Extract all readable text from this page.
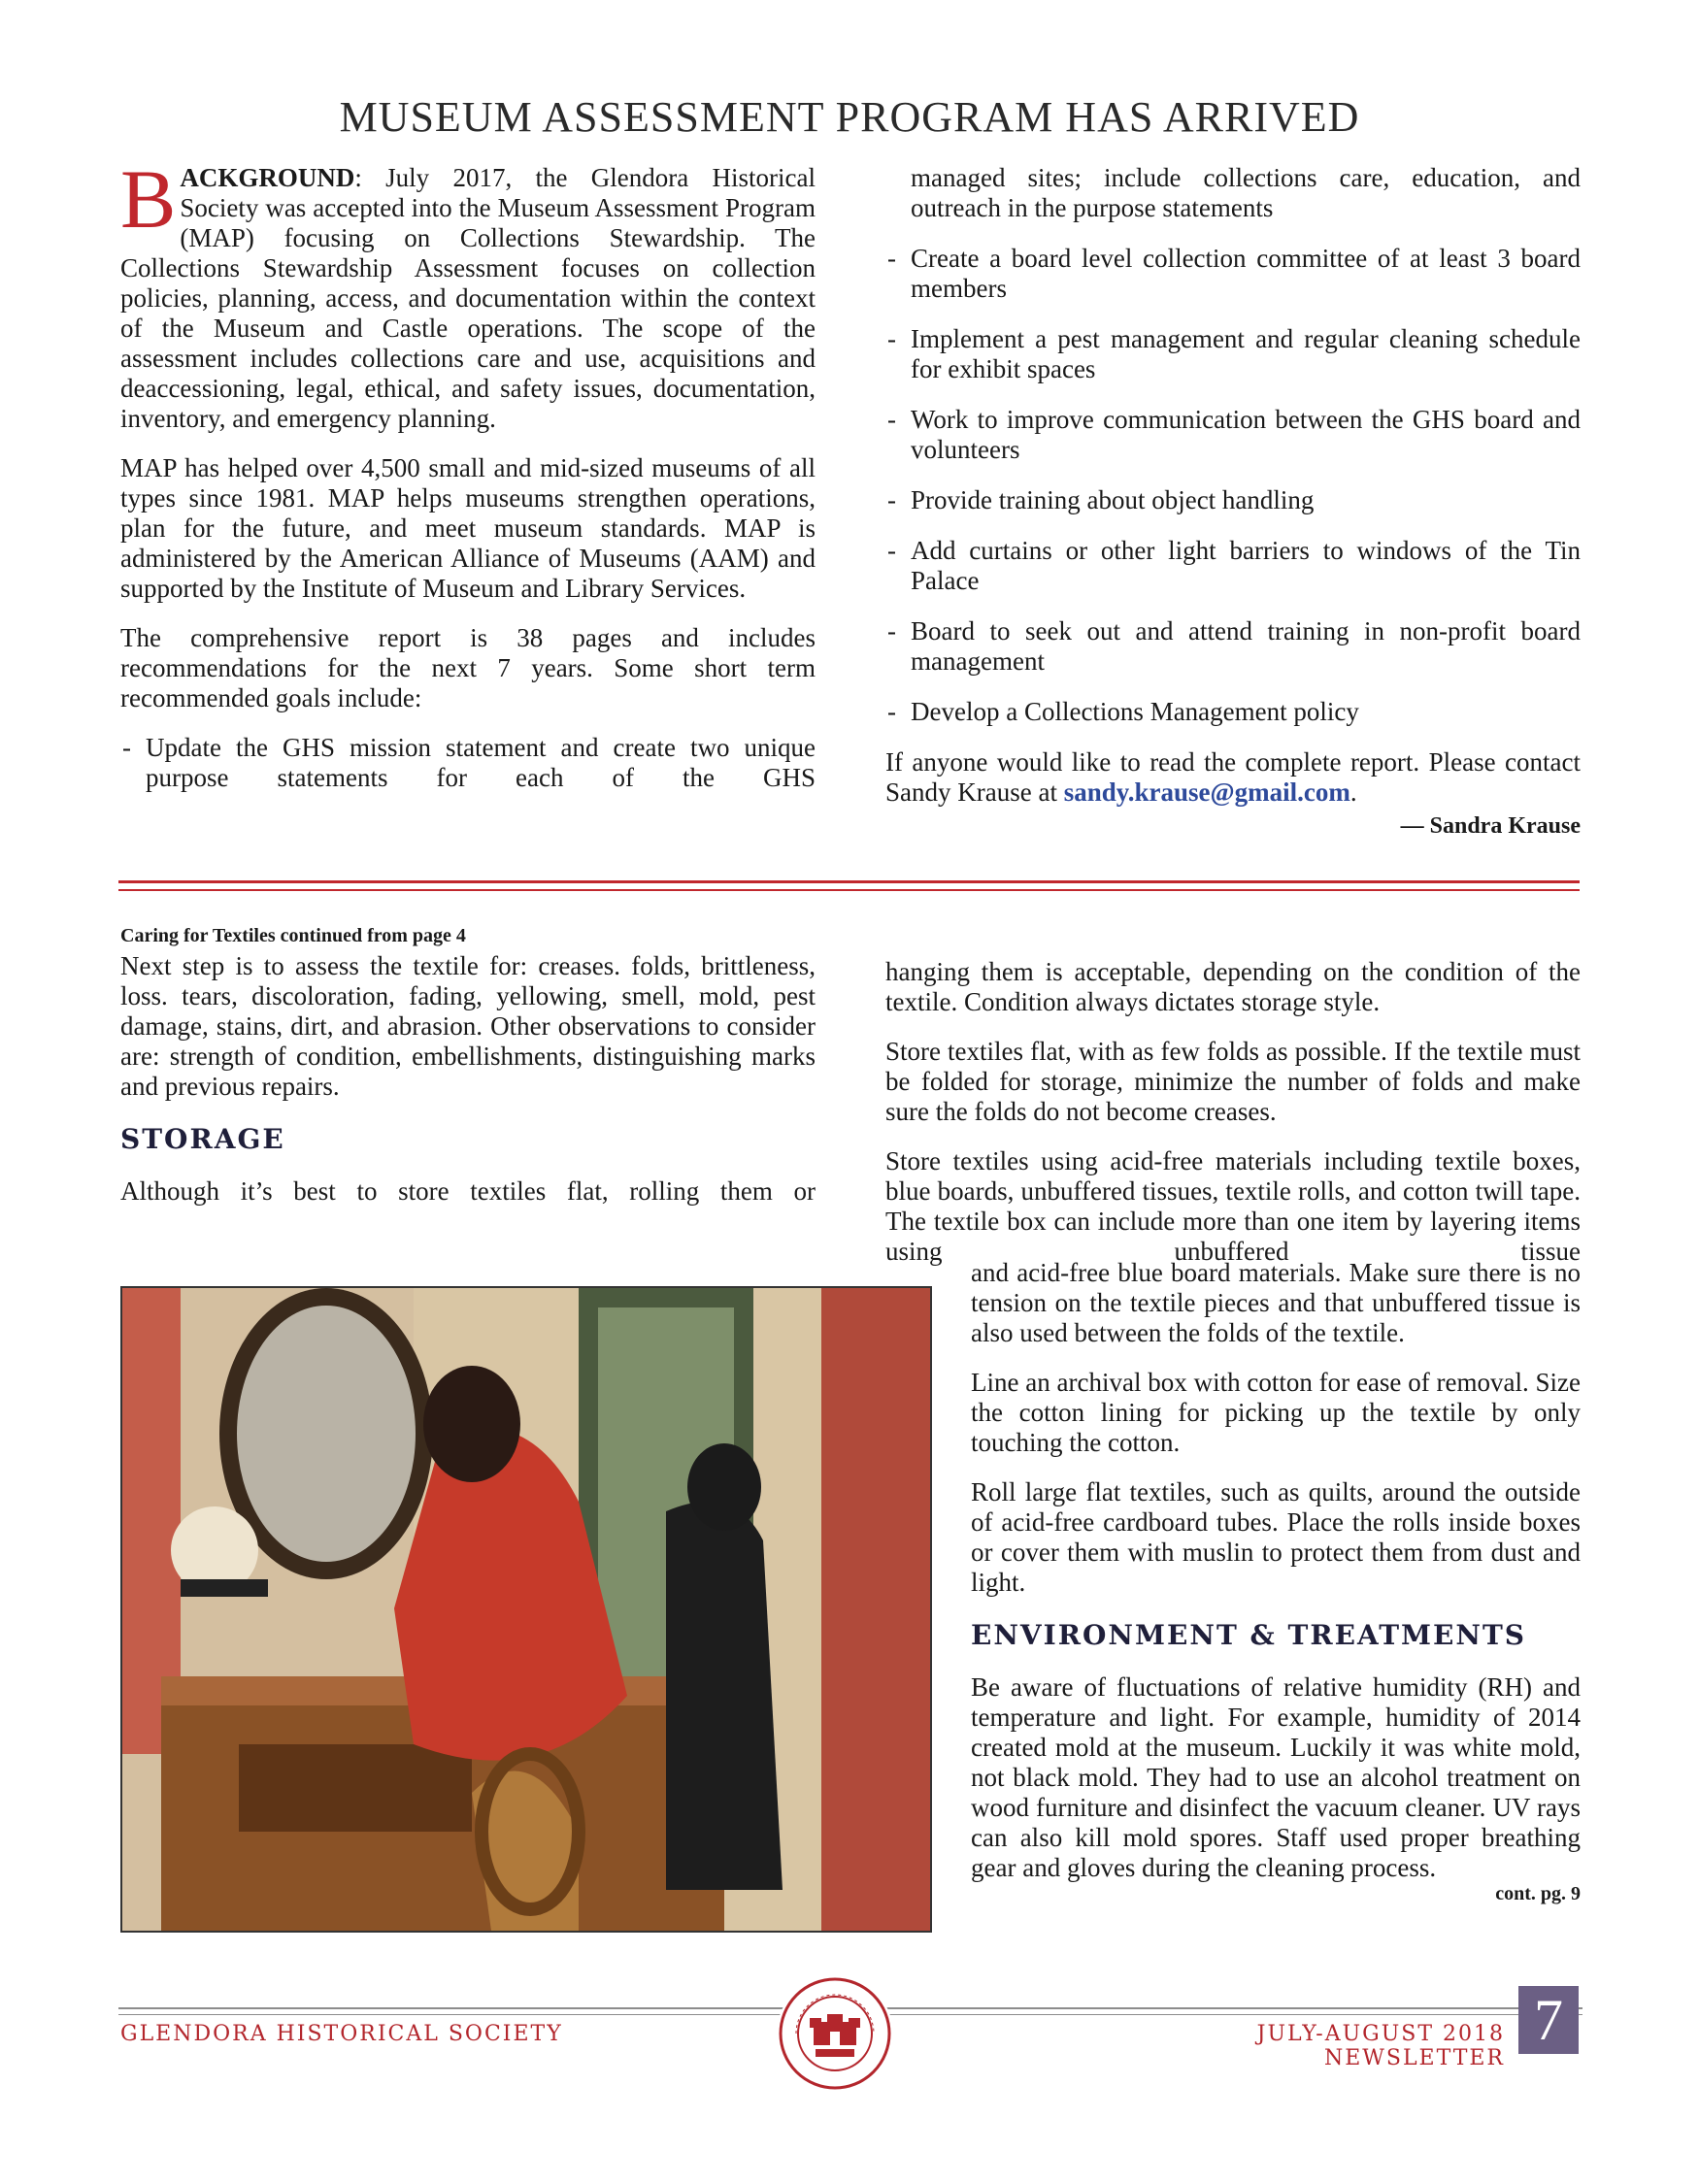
MUSEUM ASSESSMENT PROGRAM HAS ARRIVED

BACKGROUND: July 2017, the Glendora Historical Society was accepted into the Museum Assessment Program (MAP) focusing on Collections Stewardship. The Collections Stewardship Assessment focuses on collection policies, planning, access, and documentation within the context of the Museum and Castle operations. The scope of the assessment includes collections care and use, acquisitions and deaccessioning, legal, ethical, and safety issues, documentation, inventory, and emergency planning.

MAP has helped over 4,500 small and mid-sized museums of all types since 1981. MAP helps museums strengthen operations, plan for the future, and meet museum standards. MAP is administered by the American Alliance of Museums (AAM) and supported by the Institute of Museum and Library Services.

The comprehensive report is 38 pages and includes recommendations for the next 7 years. Some short term recommended goals include:

- Update the GHS mission statement and create two unique purpose statements for each of the GHS

managed sites; include collections care, education, and outreach in the purpose statements

- Create a board level collection committee of at least 3 board members
- Implement a pest management and regular cleaning schedule for exhibit spaces
- Work to improve communication between the GHS board and volunteers
- Provide training about object handling
- Add curtains or other light barriers to windows of the Tin Palace
- Board to seek out and attend training in non-profit board management
- Develop a Collections Management policy

If anyone would like to read the complete report. Please contact Sandy Krause at sandy.krause@gmail.com.

— Sandra Krause

Caring for Textiles continued from page 4

Next step is to assess the textile for: creases. folds, brittleness, loss. tears, discoloration, fading, yellowing, smell, mold, pest damage, stains, dirt, and abrasion. Other observations to consider are: strength of condition, embellishments, distinguishing marks and previous repairs.

STORAGE

Although it’s best to store textiles flat, rolling them or

hanging them is acceptable, depending on the condition of the textile. Condition always dictates storage style.

Store textiles flat, with as few folds as possible. If the textile must be folded for storage, minimize the number of folds and make sure the folds do not become creases.

Store textiles using acid-free materials including textile boxes, blue boards, unbuffered tissues, textile rolls, and cotton twill tape. The textile box can include more than one item by layering items using unbuffered tissue

and acid-free blue board materials. Make sure there is no tension on the textile pieces and that unbuffered tissue is also used between the folds of the textile.

Line an archival box with cotton for ease of removal. Size the cotton lining for picking up the textile by only touching the cotton.

Roll large flat textiles, such as quilts, around the outside of acid-free cardboard tubes. Place the rolls inside boxes or cover them with muslin to protect them from dust and light.

ENVIRONMENT & TREATMENTS

Be aware of fluctuations of relative humidity (RH) and temperature and light. For example, humidity of 2014 created mold at the museum. Luckily it was white mold, not black mold. They had to use an alcohol treatment on wood furniture and disinfect the vacuum cleaner. UV rays can also kill mold spores. Staff used proper breathing gear and gloves during the cleaning process.

cont. pg. 9

GLENDORA HISTORICAL SOCIETY	JULY-AUGUST 2018 NEWSLETTER
7
